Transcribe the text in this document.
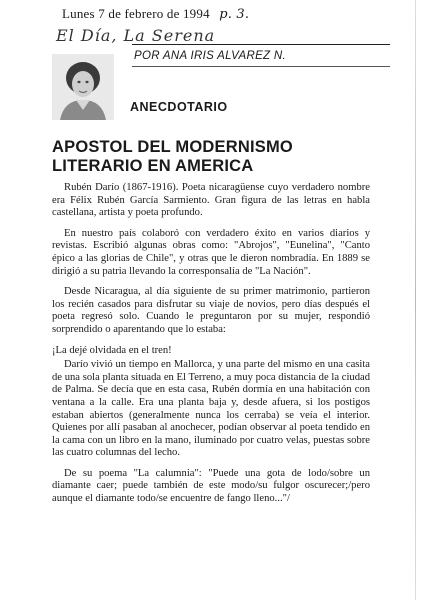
Lunes 7 de febrero de 1994 p. 3.
El Día, La Serena
POR ANA IRIS ALVAREZ N.
ANECDOTARIO
APOSTOL DEL MODERNISMO LITERARIO EN AMERICA

Rubén Darío (1867-1916). Poeta nicaragüense cuyo verdadero nombre era Félix Rubén García Sarmiento. Gran figura de las letras en habla castellana, artista y poeta profundo.

En nuestro país colaboró con verdadero éxito en varios diarios y revistas. Escribió algunas obras como: "Abrojos", "Eunelina", "Canto épico a las glorias de Chile", y otras que le dieron nombradía. En 1889 se dirigió a su patria llevando la corresponsalía de "La Nación".

Desde Nicaragua, al día siguiente de su primer matrimonio, partieron los recién casados para disfrutar su viaje de novios, pero días después el poeta regresó solo. Cuando le preguntaron por su mujer, respondió sorprendido o aparentando que lo estaba:

¡La dejé olvidada en el tren!

Darío vivió un tiempo en Mallorca, y una parte del mismo en una casita de una sola planta situada en El Terreno, a muy poca distancia de la ciudad de Palma. Se decía que en esta casa, Rubén dormía en una habitación con ventana a la calle. Era una planta baja y, desde afuera, si los postigos estaban abiertos (generalmente nunca los cerraba) se veía el interior. Quienes por allí pasaban al anochecer, podían observar al poeta tendido en la cama con un libro en la mano, iluminado por cuatro velas, puestas sobre las cuatro columnas del lecho.

De su poema "La calumnia": "Puede una gota de lodo/sobre un diamante caer; puede también de este modo/su fulgor oscurecer;/pero aunque el diamante todo/se encuentre de fango lleno..."/
